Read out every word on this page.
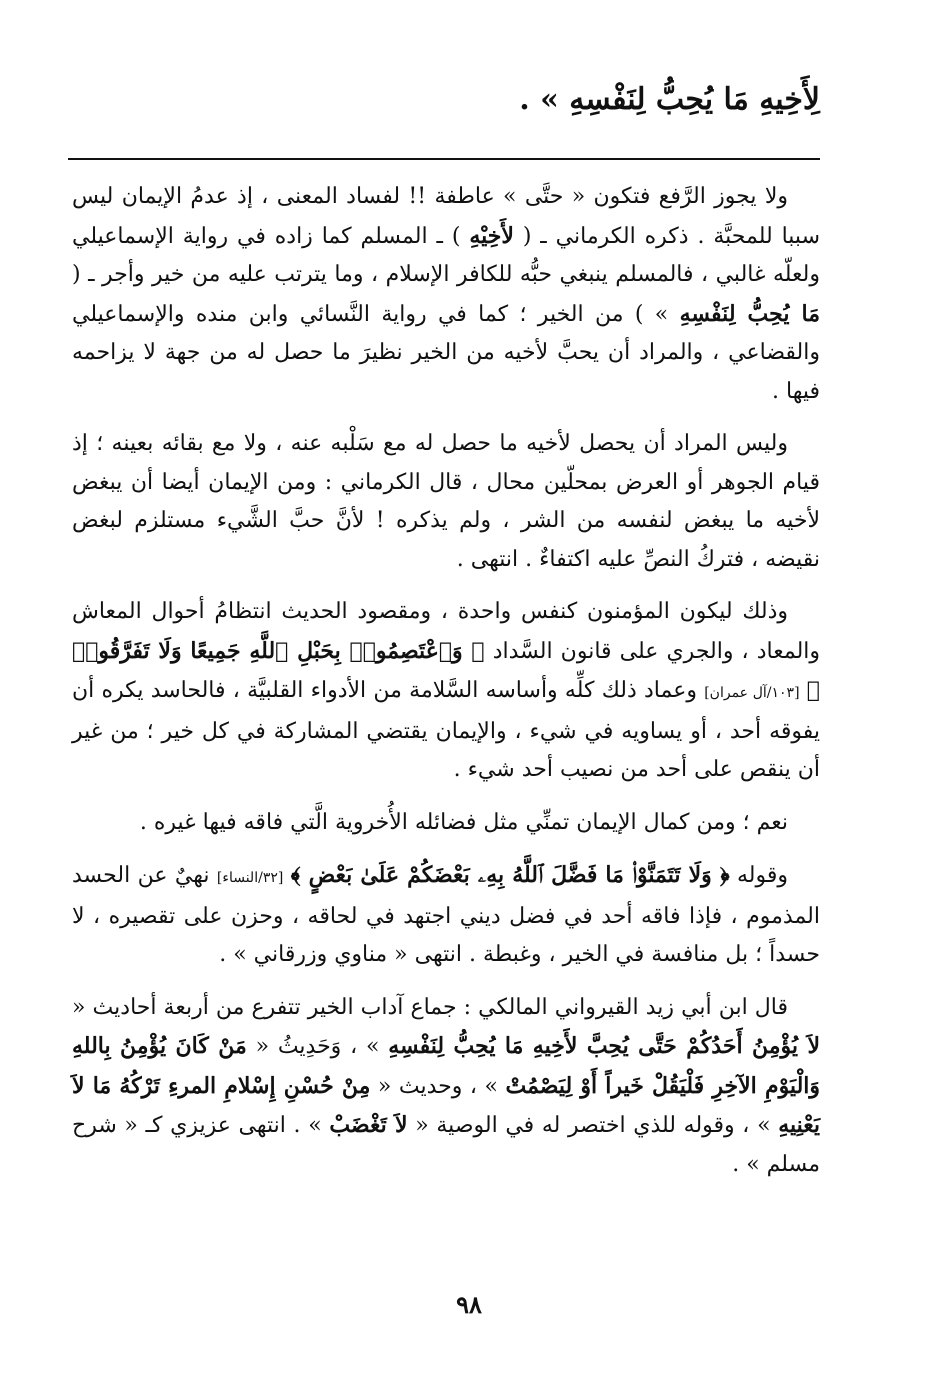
لِأَخِيهِ مَا يُحِبُّ لِنَفْسِهِ » .

ولا يجوز الرَّفع فتكون « حتَّى » عاطفة !! لفساد المعنى ، إذ عدمُ الإيمان ليس سببا للمحبَّة . ذكره الكرماني ـ ( لأَخِيْهِ ) ـ المسلم كما زاده في رواية الإسماعيلي ولعلّه غالبي ، فالمسلم ينبغي حبُّه للكافر الإسلام ، وما يترتب عليه من خير وأجر ـ ( مَا يُحِبُّ لِنَفْسِهِ » ) من الخير ؛ كما في رواية النَّسائي وابن منده والإسماعيلي والقضاعي ، والمراد أن يحبَّ لأخيه من الخير نظيرَ ما حصل له من جهة لا يزاحمه فيها .

وليس المراد أن يحصل لأخيه ما حصل له مع سَلْبه عنه ، ولا مع بقائه بعينه ؛ إذ قيام الجوهر أو العرض بمحلّين محال ، قال الكرماني : ومن الإيمان أيضا أن يبغض لأخيه ما يبغض لنفسه من الشر ، ولم يذكره ! لأنَّ حبَّ الشَّيء مستلزم لبغض نقيضه ، فتركُ النصِّ عليه اكتفاءٌ . انتهى .

وذلك ليكون المؤمنون كنفس واحدة ، ومقصود الحديث انتظامُ أحوال المعاش والمعاد ، والجري على قانون السَّداد ﴿ وَٱعْتَصِمُوا۟ بِحَبْلِ ٱللَّهِ جَمِيعًا وَلَا تَفَرَّقُوا۟ ﴾ [١٠٣/آل عمران] وعماد ذلك كلِّه وأساسه السَّلامة من الأدواء القلبيَّة ، فالحاسد يكره أن يفوقه أحد ، أو يساويه في شيء ، والإيمان يقتضي المشاركة في كل خير ؛ من غير أن ينقص على أحد من نصيب أحد شيء .

نعم ؛ ومن كمال الإيمان تمنِّي مثل فضائله الأُخروية الَّتي فاقه فيها غيره .

وقوله ﴿ وَلَا تَتَمَنَّوْا۟ مَا فَضَّلَ ٱللَّهُ بِهِۦ بَعْضَكُمْ عَلَىٰ بَعْضٍ ﴾ [٣٢/النساء] نهيٌ عن الحسد المذموم ، فإذا فاقه أحد في فضل ديني اجتهد في لحاقه ، وحزن على تقصيره ، لا حسداً ؛ بل منافسة في الخير ، وغبطة . انتهى « مناوي وزرقاني » .

قال ابن أبي زيد القيرواني المالكي : جماع آداب الخير تتفرع من أربعة أحاديث « لاَ يُؤْمِنُ أَحَدُكُمْ حَتَّى يُحِبَّ لأَخِيهِ مَا يُحِبُّ لِنَفْسِهِ » ، وَحَدِيثُ « مَنْ كَانَ يُؤْمِنُ بِاللهِ وَالْيَوْمِ الآخِرِ فَلْيَقُلْ خَيراً أَوْ لِيَصْمُتْ » ، وحديث « مِنْ حُسْنِ إِسْلامِ المرءِ تَرْكُهُ مَا لاَ يَعْنِيهِ » ، وقوله للذي اختصر له في الوصية « لاَ تَغْضَبْ » . انتهى عزيزي كـ « شرح مسلم » .

٩٨
